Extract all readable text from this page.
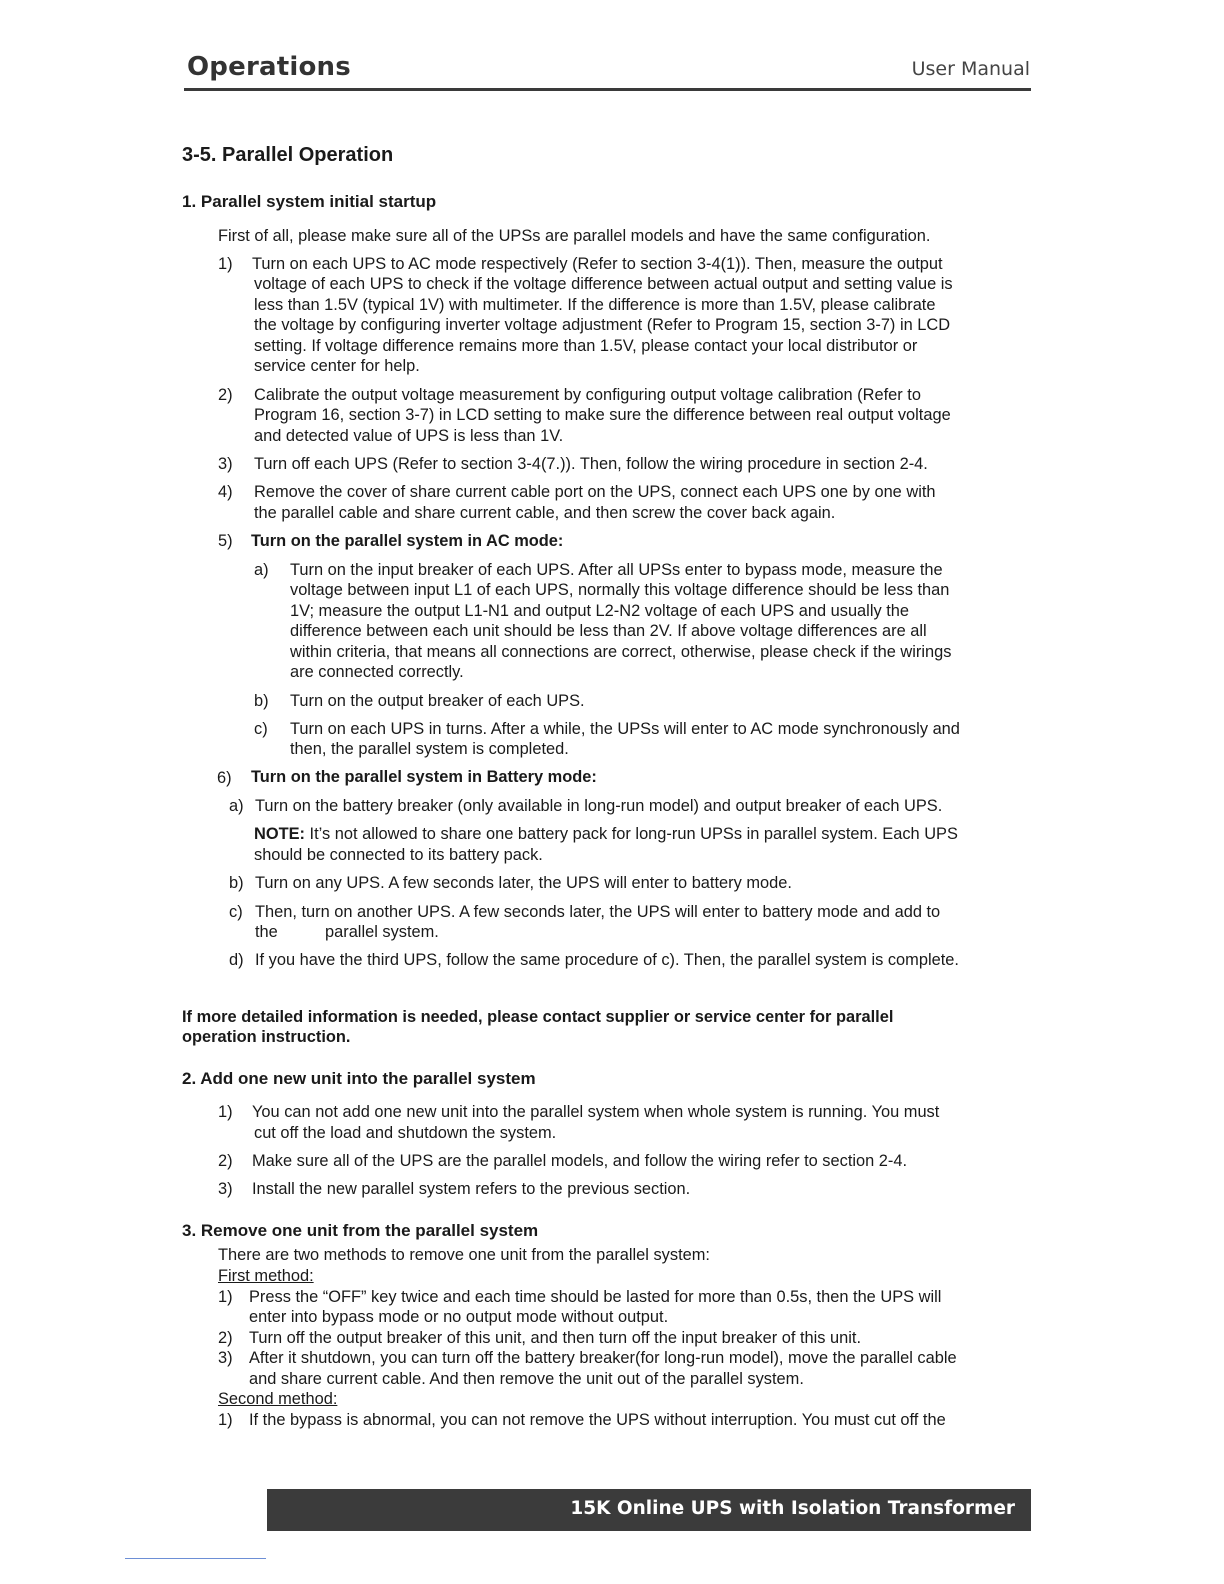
Operations	User Manual
3-5. Parallel Operation
1. Parallel system initial startup
First of all, please make sure all of the UPSs are parallel models and have the same configuration.
1) Turn on each UPS to AC mode respectively (Refer to section 3-4(1)). Then, measure the output
voltage of each UPS to check if the voltage difference between actual output and setting value is
less than 1.5V (typical 1V) with multimeter. If the difference is more than 1.5V, please calibrate
the voltage by configuring inverter voltage adjustment (Refer to Program 15, section 3-7) in LCD
setting. If voltage difference remains more than 1.5V, please contact your local distributor or
service center for help.
2) Calibrate the output voltage measurement by configuring output voltage calibration (Refer to
Program 16, section 3-7) in LCD setting to make sure the difference between real output voltage
and detected value of UPS is less than 1V.
3) Turn off each UPS (Refer to section 3-4(7.)). Then, follow the wiring procedure in section 2-4.
4) Remove the cover of share current cable port on the UPS, connect each UPS one by one with
the parallel cable and share current cable, and then screw the cover back again.
5) Turn on the parallel system in AC mode:
a) Turn on the input breaker of each UPS. After all UPSs enter to bypass mode, measure the
voltage between input L1 of each UPS, normally this voltage difference should be less than
1V; measure the output L1-N1 and output L2-N2 voltage of each UPS and usually the
difference between each unit should be less than 2V. If above voltage differences are all
within criteria, that means all connections are correct, otherwise, please check if the wirings
are connected correctly.
b) Turn on the output breaker of each UPS.
c) Turn on each UPS in turns. After a while, the UPSs will enter to AC mode synchronously and
then, the parallel system is completed.
6) Turn on the parallel system in Battery mode:
a) Turn on the battery breaker (only available in long-run model) and output breaker of each UPS.
NOTE: It’s not allowed to share one battery pack for long-run UPSs in parallel system. Each UPS
should be connected to its battery pack.
b) Turn on any UPS. A few seconds later, the UPS will enter to battery mode.
c) Then, turn on another UPS. A few seconds later, the UPS will enter to battery mode and add to
the	parallel system.
d) If you have the third UPS, follow the same procedure of c). Then, the parallel system is complete.
If more detailed information is needed, please contact supplier or service center for parallel
operation instruction.
2. Add one new unit into the parallel system
1) You can not add one new unit into the parallel system when whole system is running. You must
cut off the load and shutdown the system.
2) Make sure all of the UPS are the parallel models, and follow the wiring refer to section 2-4.
3) Install the new parallel system refers to the previous section.
3. Remove one unit from the parallel system
There are two methods to remove one unit from the parallel system:
First method:
1) Press the “OFF” key twice and each time should be lasted for more than 0.5s, then the UPS will
enter into bypass mode or no output mode without output.
2) Turn off the output breaker of this unit, and then turn off the input breaker of this unit.
3) After it shutdown, you can turn off the battery breaker(for long-run model), move the parallel cable
and share current cable. And then remove the unit out of the parallel system.
Second method:
1) If the bypass is abnormal, you can not remove the UPS without interruption. You must cut off the
15K Online UPS with Isolation Transformer
